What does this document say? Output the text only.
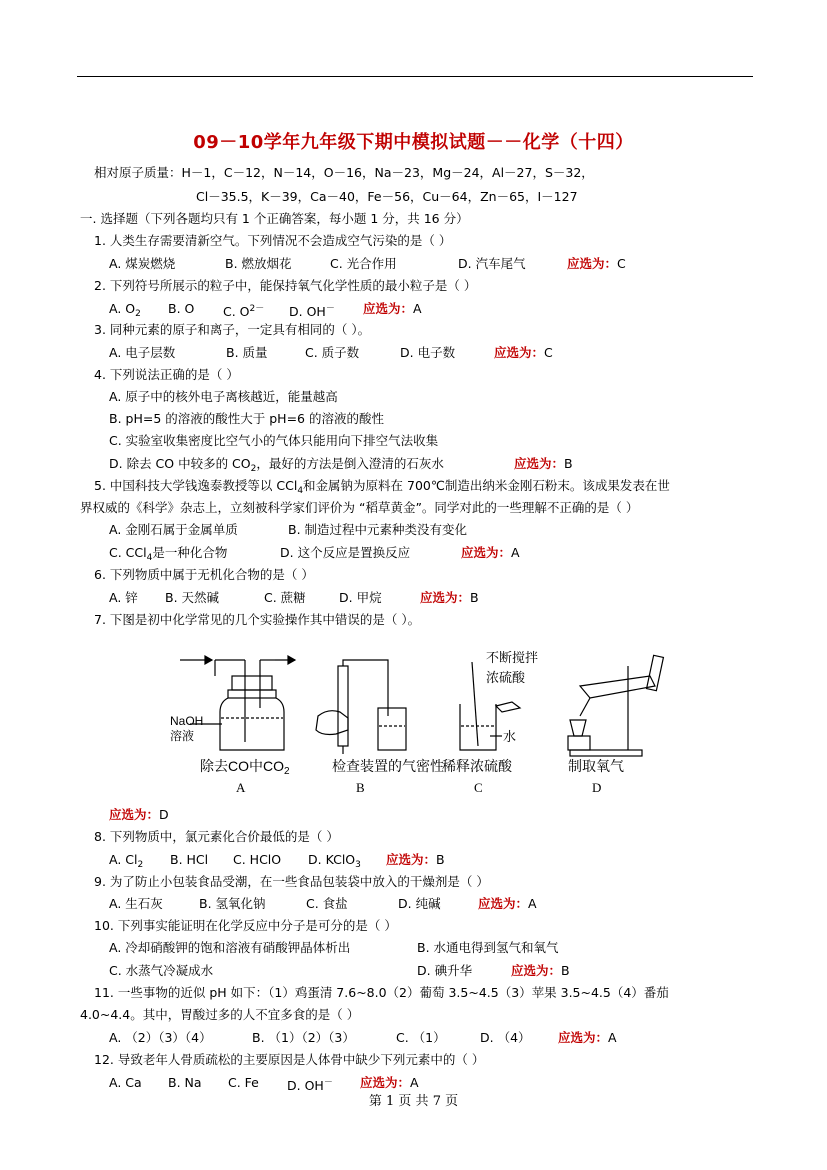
09－10学年九年级下期中模拟试题－－化学（十四）
相对原子质量：H－1，C－12，N－14，O－16，Na－23，Mg－24，Al－27，S－32，
Cl－35.5，K－39，Ca－40，Fe－56，Cu－64，Zn－65，I－127
一. 选择题（下列各题均只有 1 个正确答案，每小题 1 分，共 16 分）
1. 人类生存需要清新空气。下列情况不会造成空气污染的是（ ）
A. 煤炭燃烧	B. 燃放烟花	C. 光合作用	D. 汽车尾气	应选为：C
2. 下列符号所展示的粒子中，能保持氧气化学性质的最小粒子是（ ）
A. $O_2$ B. O C. $O^{2-}$ D. OH－ 应选为：A
3. 同种元素的原子和离子，一定具有相同的（ ）。
A. 电子层数	B. 质量	C. 质子数	D. 电子数	应选为：C
4. 下列说法正确的是（ ）
A. 原子中的核外电子离核越近，能量越高
B. pH=5 的溶液的酸性大于 pH=6 的溶液的酸性
C. 实验室收集密度比空气小的气体只能用向下排空气法收集
D. 除去 CO 中较多的 $CO_2$，最好的方法是倒入澄清的石灰水	应选为：B
5. 中国科技大学钱逸泰教授等以 CCl$_4$和金属钠为原料在 700℃制造出纳米金刚石粉末。该成果发表在世
界权威的《科学》杂志上，立刻被科学家们评价为 “稻草黄金”。同学对此的一些理解不正确的是（ ）
A. 金刚石属于金属单质	B. 制造过程中元素种类没有变化
C. CCl$_4$是一种化合物	D. 这个反应是置换反应	应选为：A
6. 下列物质中属于无机化合物的是（ ）
A. 锌 B. 天然碱	C. 蔗糖	D. 甲烷	应选为：B
7. 下图是初中化学常见的几个实验操作其中错误的是（ ）。
NaOH
溶液
除去CO中$CO_2$
A
检查装置的气密性
B
不断搅拌
浓硫酸
水
稀释浓硫酸
C
制取氧气
D
应选为：D
8. 下列物质中，氯元素化合价最低的是（ ）
A. $Cl_2$ B. HCl C. HClO D. KClO$_3$ 应选为：B
9. 为了防止小包装食品受潮，在一些食品包装袋中放入的干燥剂是（ ）
A. 生石灰	B. 氢氧化钠	C. 食盐	D. 纯碱	应选为：A
10. 下列事实能证明在化学反应中分子是可分的是（ ）
A. 冷却硝酸钾的饱和溶液有硝酸钾晶体析出	B. 水通电得到氢气和氧气
C. 水蒸气冷凝成水	D. 碘升华	应选为：B
11. 一些事物的近似 pH 如下：（1）鸡蛋清 7.6~8.0（2）葡萄 3.5~4.5（3）苹果 3.5~4.5（4）番茄
4.0~4.4。其中，胃酸过多的人不宜多食的是（ ）
A. （2）（3）（4）	B. （1）（2）（3）	C. （1）	D. （4） 应选为：A
12. 导致老年人骨质疏松的主要原因是人体骨中缺少下列元素中的（ ）
A. Ca B. Na C. Fe D. OH－ 应选为：A
第 1 页 共 7 页
